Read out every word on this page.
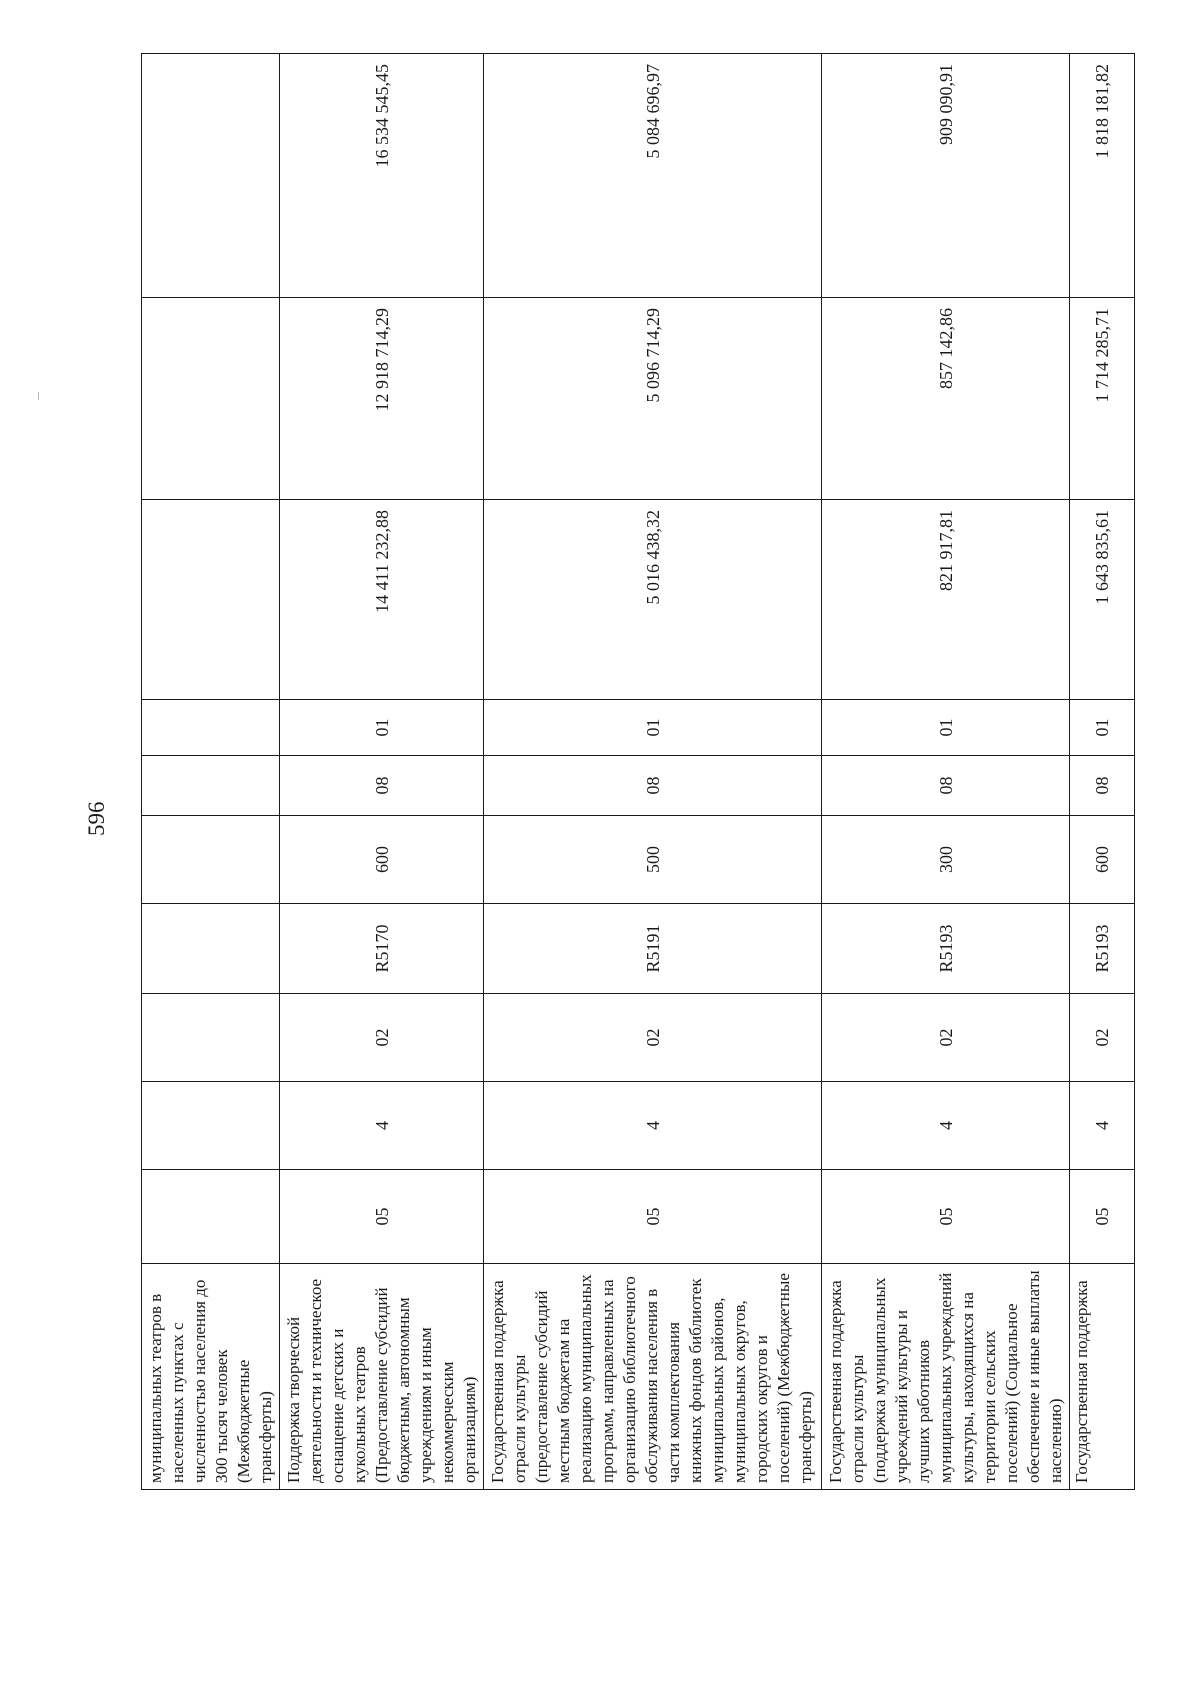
596
муниципальных театров в населенных пунктах с численностью населения до 300 тысяч человек (Межбюджетные трансферты)										
Поддержка творческой деятельности и техническое оснащение детских и кукольных театров (Предоставление субсидий бюджетным, автономным учреждениям и иным некоммерческим организациям)	05	4	02	R5170	600	08	01	14 411 232,88	12 918 714,29	16 534 545,45
Государственная поддержка отрасли культуры (предоставление субсидий местным бюджетам на реализацию муниципальных программ, направленных на организацию библиотечного обслуживания населения в части комплектования книжных фондов библиотек муниципальных районов, муниципальных округов, городских округов и поселений) (Межбюджетные трансферты)	05	4	02	R5191	500	08	01	5 016 438,32	5 096 714,29	5 084 696,97
Государственная поддержка отрасли культуры (поддержка муниципальных учреждений культуры и лучших работников муниципальных учреждений культуры, находящихся на территории сельских поселений) (Социальное обеспечение и иные выплаты населению)	05	4	02	R5193	300	08	01	821 917,81	857 142,86	909 090,91
Государственная поддержка	05	4	02	R5193	600	08	01	1 643 835,61	1 714 285,71	1 818 181,82
